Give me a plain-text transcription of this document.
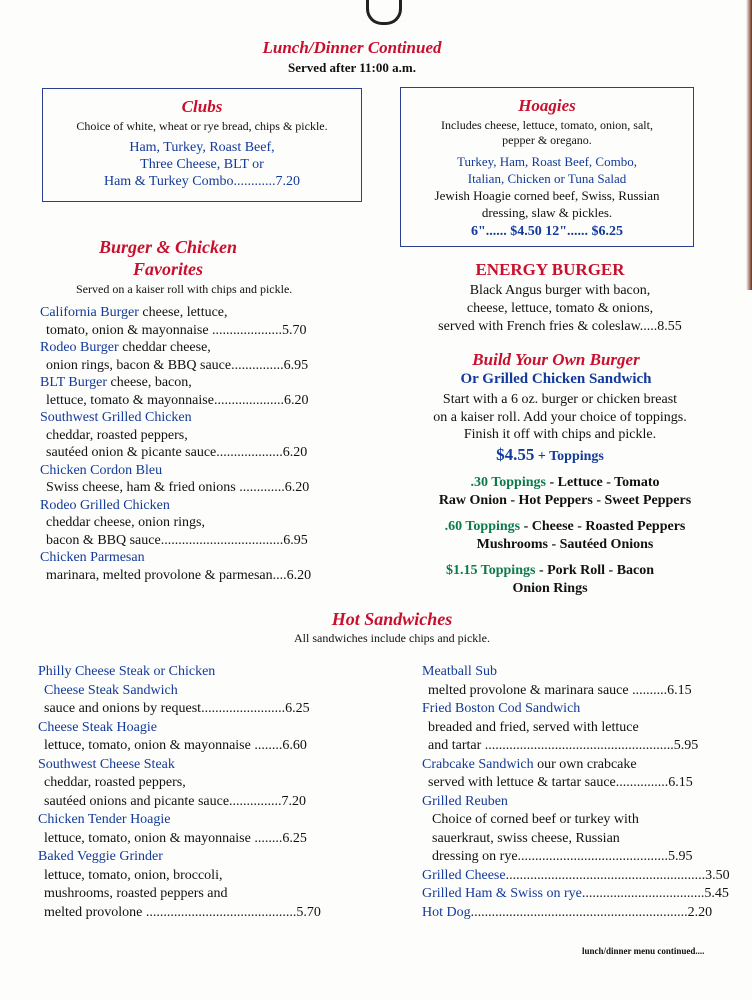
Lunch/Dinner Continued
Served after 11:00 a.m.
Clubs
Choice of white, wheat or rye bread, chips & pickle.
Ham, Turkey, Roast Beef,
Three Cheese, BLT or
Ham & Turkey Combo............7.20
Hoagies
Includes cheese, lettuce, tomato, onion, salt,
pepper & oregano.
Turkey, Ham, Roast Beef, Combo,
Italian, Chicken or Tuna Salad
Jewish Hoagie corned beef, Swiss, Russian
dressing, slaw & pickles.
6"...... $4.50 12"...... $6.25
Burger & Chicken
Favorites
Served on a kaiser roll with chips and pickle.
California Burger cheese, lettuce,
tomato, onion & mayonnaise ....................5.70
Rodeo Burger cheddar cheese,
onion rings, bacon & BBQ sauce...............6.95
BLT Burger cheese, bacon,
lettuce, tomato & mayonnaise....................6.20
Southwest Grilled Chicken
cheddar, roasted peppers,
sautéed onion & picante sauce...................6.20
Chicken Cordon Bleu
Swiss cheese, ham & fried onions .............6.20
Rodeo Grilled Chicken
cheddar cheese, onion rings,
bacon & BBQ sauce...................................6.95
Chicken Parmesan
marinara, melted provolone & parmesan....6.20
ENERGY BURGER
Black Angus burger with bacon,
cheese, lettuce, tomato & onions,
served with French fries & coleslaw.....8.55
Build Your Own Burger
Or Grilled Chicken Sandwich
Start with a 6 oz. burger or chicken breast
on a kaiser roll. Add your choice of toppings.
Finish it off with chips and pickle.
$4.55 + Toppings
.30 Toppings - Lettuce - Tomato
Raw Onion - Hot Peppers - Sweet Peppers
.60 Toppings - Cheese - Roasted Peppers
Mushrooms - Sautéed Onions
$1.15 Toppings - Pork Roll - Bacon
Onion Rings
Hot Sandwiches
All sandwiches include chips and pickle.
Philly Cheese Steak or Chicken
Cheese Steak Sandwich
sauce and onions by request........................6.25
Cheese Steak Hoagie
lettuce, tomato, onion & mayonnaise ........6.60
Southwest Cheese Steak
cheddar, roasted peppers,
sautéed onions and picante sauce...............7.20
Chicken Tender Hoagie
lettuce, tomato, onion & mayonnaise ........6.25
Baked Veggie Grinder
lettuce, tomato, onion, broccoli,
mushrooms, roasted peppers and
melted provolone ...........................................5.70
Meatball Sub
melted provolone & marinara sauce ..........6.15
Fried Boston Cod Sandwich
breaded and fried, served with lettuce
and tartar ......................................................5.95
Crabcake Sandwich our own crabcake
served with lettuce & tartar sauce...............6.15
Grilled Reuben
Choice of corned beef or turkey with
sauerkraut, swiss cheese, Russian
dressing on rye...........................................5.95
Grilled Cheese.........................................................3.50
Grilled Ham & Swiss on rye...................................5.45
Hot Dog..............................................................2.20
lunch/dinner menu continued....
